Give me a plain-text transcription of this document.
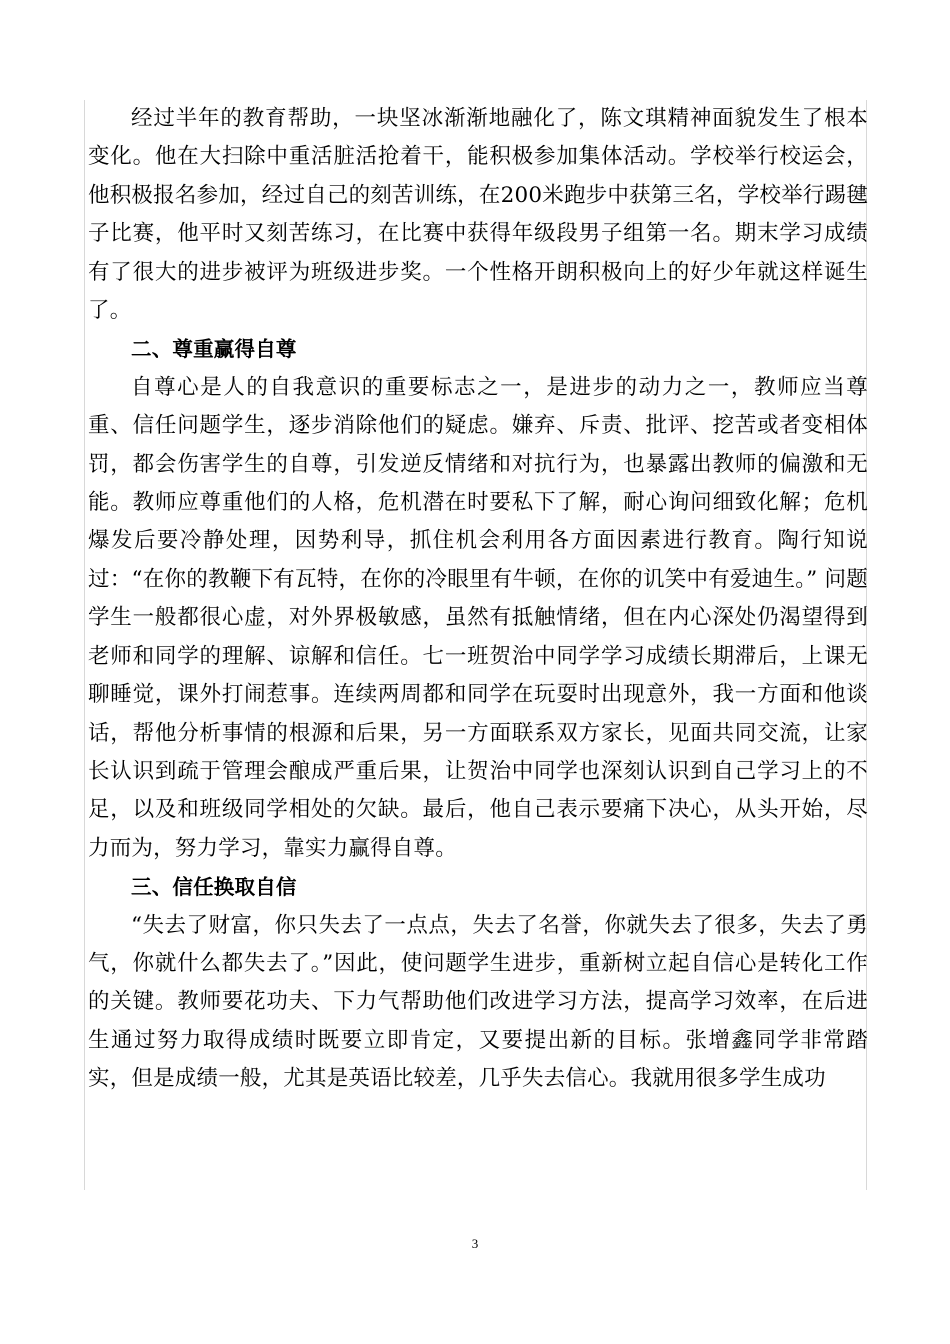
经过半年的教育帮助，一块坚冰渐渐地融化了，陈文琪精神面貌发生了根本变化。他在大扫除中重活脏活抢着干，能积极参加集体活动。学校举行校运会，他积极报名参加，经过自己的刻苦训练，在200米跑步中获第三名，学校举行踢毽子比赛，他平时又刻苦练习，在比赛中获得年级段男子组第一名。期末学习成绩有了很大的进步被评为班级进步奖。一个性格开朗积极向上的好少年就这样诞生了。

二、尊重赢得自尊

自尊心是人的自我意识的重要标志之一，是进步的动力之一，教师应当尊重、信任问题学生，逐步消除他们的疑虑。嫌弃、斥责、批评、挖苦或者变相体罚，都会伤害学生的自尊，引发逆反情绪和对抗行为，也暴露出教师的偏激和无能。教师应尊重他们的人格，危机潜在时要私下了解，耐心询问细致化解；危机爆发后要冷静处理，因势利导，抓住机会利用各方面因素进行教育。陶行知说过：“在你的教鞭下有瓦特，在你的冷眼里有牛顿，在你的讥笑中有爱迪生。” 问题学生一般都很心虚，对外界极敏感，虽然有抵触情绪，但在内心深处仍渴望得到老师和同学的理解、谅解和信任。七一班贺治中同学学习成绩长期滞后，上课无聊睡觉，课外打闹惹事。连续两周都和同学在玩耍时出现意外，我一方面和他谈话，帮他分析事情的根源和后果，另一方面联系双方家长，见面共同交流，让家长认识到疏于管理会酿成严重后果，让贺治中同学也深刻认识到自己学习上的不足，以及和班级同学相处的欠缺。最后，他自己表示要痛下决心，从头开始，尽力而为，努力学习，靠实力赢得自尊。

三、信任换取自信

“失去了财富，你只失去了一点点，失去了名誉，你就失去了很多，失去了勇气，你就什么都失去了。”因此，使问题学生进步，重新树立起自信心是转化工作的关键。教师要花功夫、下力气帮助他们改进学习方法，提高学习效率，在后进生通过努力取得成绩时既要立即肯定，又要提出新的目标。张增鑫同学非常踏实，但是成绩一般，尤其是英语比较差，几乎失去信心。我就用很多学生成功

3
